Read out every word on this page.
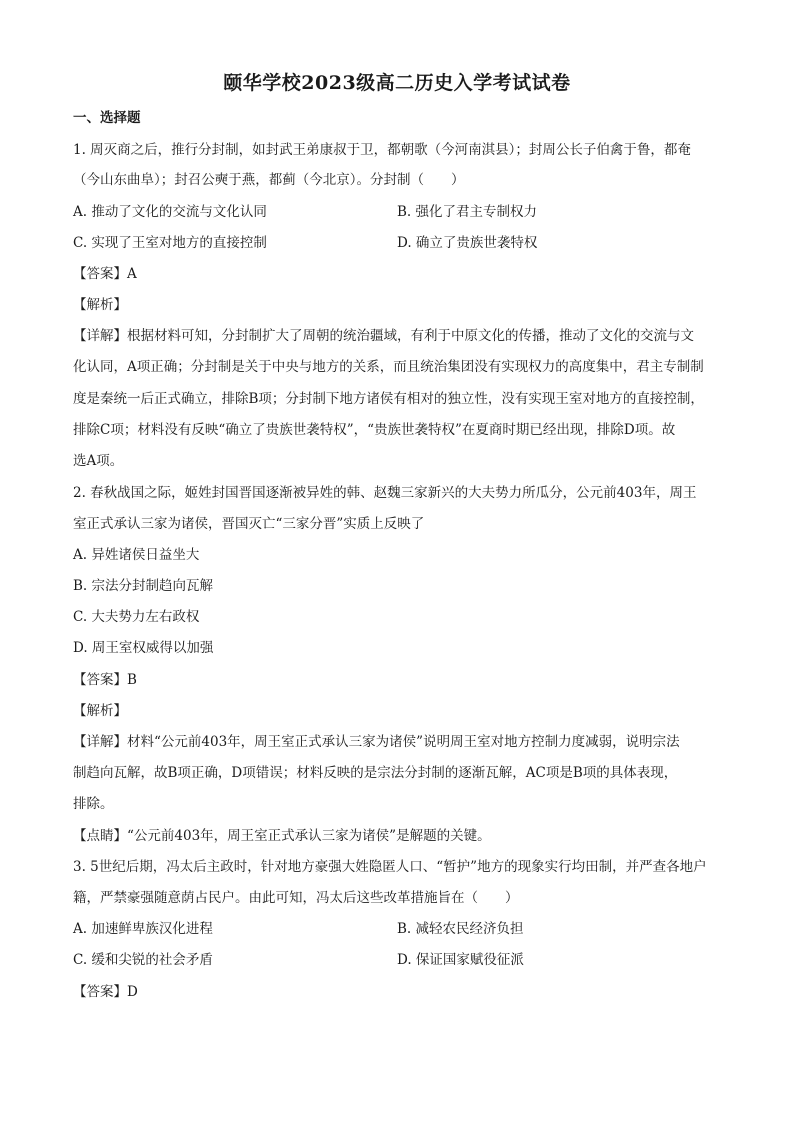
颐华学校2023级高二历史入学考试试卷
一、选择题
1. 周灭商之后，推行分封制，如封武王弟康叔于卫，都朝歌（今河南淇县）；封周公长子伯禽于鲁，都奄
（今山东曲阜）；封召公奭于燕，都蓟（今北京）。分封制（　　）
A. 推动了文化的交流与文化认同	B. 强化了君主专制权力
C. 实现了王室对地方的直接控制	D. 确立了贵族世袭特权
【答案】A
【解析】
【详解】根据材料可知，分封制扩大了周朝的统治疆域，有利于中原文化的传播，推动了文化的交流与文
化认同，A项正确；分封制是关于中央与地方的关系，而且统治集团没有实现权力的高度集中，君主专制制
度是秦统一后正式确立，排除B项；分封制下地方诸侯有相对的独立性，没有实现王室对地方的直接控制，
排除C项；材料没有反映“确立了贵族世袭特权”，“贵族世袭特权”在夏商时期已经出现，排除D项。故
选A项。
2. 春秋战国之际，姬姓封国晋国逐渐被异姓的韩、赵魏三家新兴的大夫势力所瓜分，公元前403年，周王
室正式承认三家为诸侯，晋国灭亡“三家分晋”实质上反映了
A. 异姓诸侯日益坐大
B. 宗法分封制趋向瓦解
C. 大夫势力左右政权
D. 周王室权威得以加强
【答案】B
【解析】
【详解】材料“公元前403年，周王室正式承认三家为诸侯”说明周王室对地方控制力度减弱，说明宗法
制趋向瓦解，故B项正确，D项错误；材料反映的是宗法分封制的逐渐瓦解，AC项是B项的具体表现，
排除。
【点睛】“公元前403年，周王室正式承认三家为诸侯”是解题的关键。
3. 5世纪后期，冯太后主政时，针对地方豪强大姓隐匿人口、“暂护”地方的现象实行均田制，并严查各地户
籍，严禁豪强随意荫占民户。由此可知，冯太后这些改革措施旨在（　　）
A. 加速鲜卑族汉化进程	B. 减轻农民经济负担
C. 缓和尖锐的社会矛盾	D. 保证国家赋役征派
【答案】D
